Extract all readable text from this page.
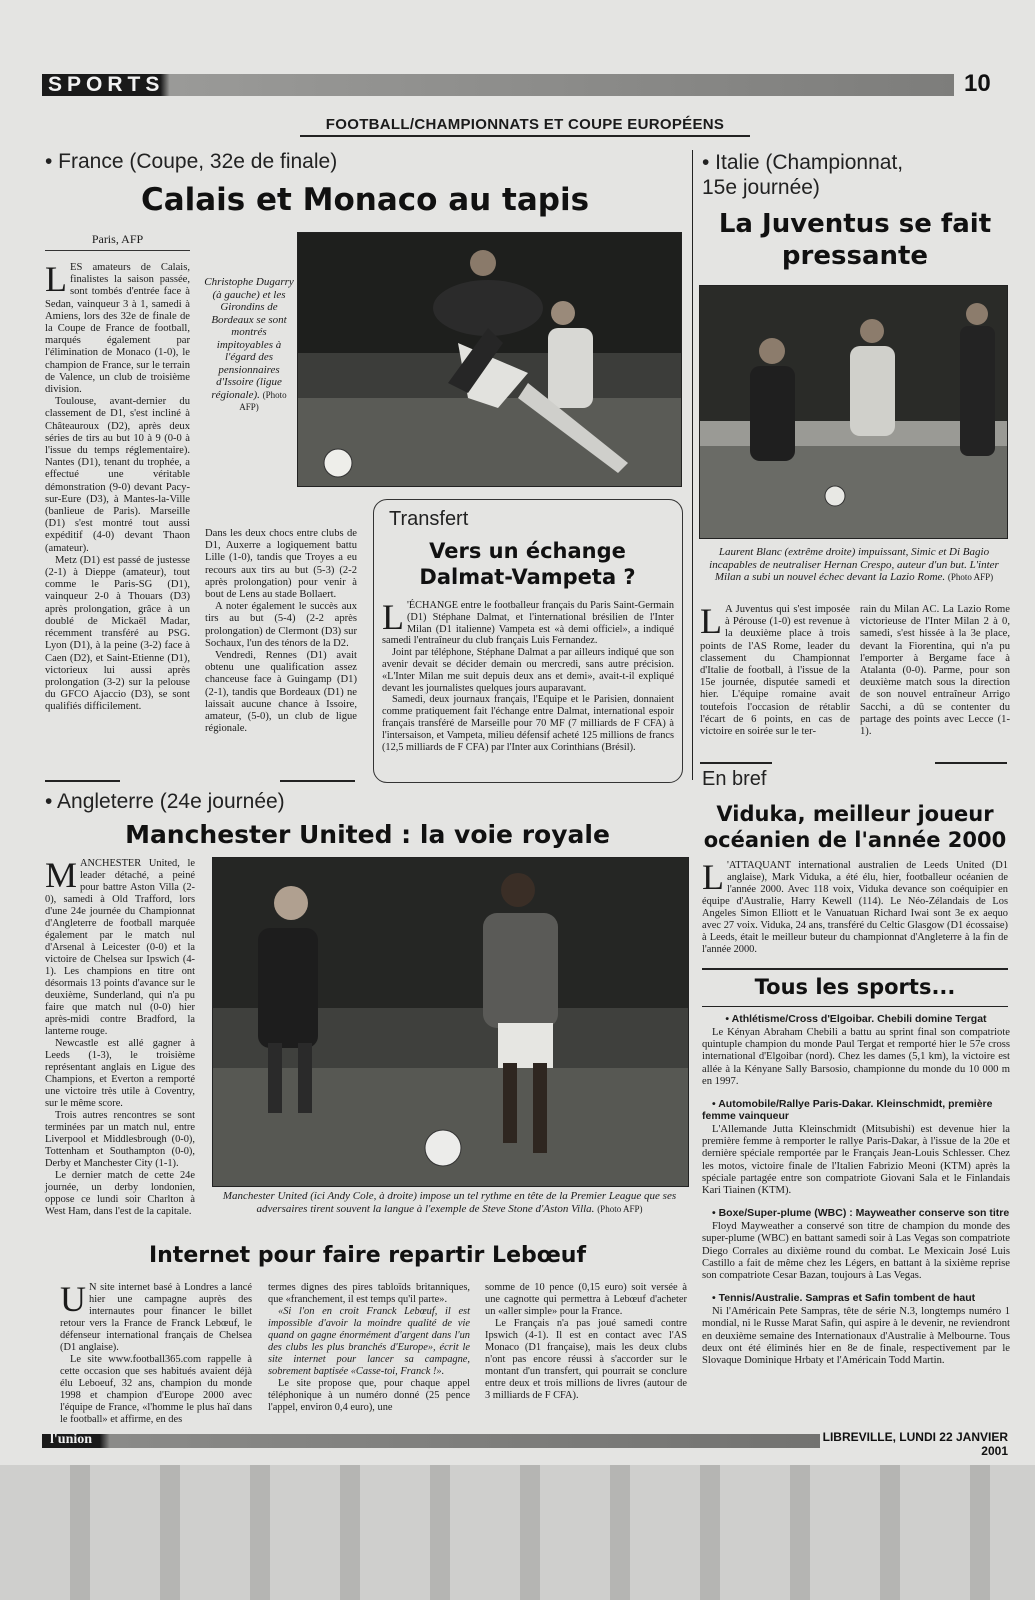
SPORTS	10
FOOTBALL/CHAMPIONNATS ET COUPE EUROPÉENS
• France (Coupe, 32e de finale)
Calais et Monaco au tapis
Paris, AFP
L ES amateurs de Calais, finalistes la saison passée, sont tombés d'entrée face à Sedan, vainqueur 3 à 1, samedi à Amiens, lors des 32e de finale de la Coupe de France de football, marqués également par l'élimination de Monaco (1-0), le champion de France, sur le terrain de Valence, un club de troisième division.

Toulouse, avant-dernier du classement de D1, s'est incliné à Châteauroux (D2), après deux séries de tirs au but 10 à 9 (0-0 à l'issue du temps réglementaire). Nantes (D1), tenant du trophée, a effectué une véritable démonstration (9-0) devant Pacy-sur-Eure (D3), à Mantes-la-Ville (banlieue de Paris). Marseille (D1) s'est montré tout aussi expéditif (4-0) devant Thaon (amateur).

Metz (D1) est passé de justesse (2-1) à Dieppe (amateur), tout comme le Paris-SG (D1), vainqueur 2-0 à Thouars (D3) après prolongation, grâce à un doublé de Mickaël Madar, récemment transféré au PSG. Lyon (D1), à la peine (3-2) face à Caen (D2), et Saint-Etienne (D1), victorieux lui aussi après prolongation (3-2) sur la pelouse du GFCO Ajaccio (D3), se sont qualifiés difficilement.

Christophe Dugarry (à gauche) et les Girondins de Bordeaux se sont montrés impitoyables à l'égard des pensionnaires d'Issoire (ligue régionale). (Photo AFP)

Dans les deux chocs entre clubs de D1, Auxerre a logiquement battu Lille (1-0), tandis que Troyes a eu recours aux tirs au but (5-3) (2-2 après prolongation) pour venir à bout de Lens au stade Bollaert.

A noter également le succès aux tirs au but (5-4) (2-2 après prolongation) de Clermont (D3) sur Sochaux, l'un des ténors de la D2.

Vendredi, Rennes (D1) avait obtenu une qualification assez chanceuse face à Guingamp (D1) (2-1), tandis que Bordeaux (D1) ne laissait aucune chance à Issoire, amateur, (5-0), un club de ligue régionale.

Transfert
Vers un échange Dalmat-Vampeta ?
L 'ÉCHANGE entre le footballeur français du Paris Saint-Germain (D1) Stéphane Dalmat, et l'international brésilien de l'Inter Milan (D1 italienne) Vampeta est «à demi officiel», a indiqué samedi l'entraîneur du club français Luis Fernandez.

Joint par téléphone, Stéphane Dalmat a par ailleurs indiqué que son avenir devait se décider demain ou mercredi, sans autre précision. «L'Inter Milan me suit depuis deux ans et demi», avait-t-il expliqué devant les journalistes quelques jours auparavant.

Samedi, deux journaux français, l'Equipe et le Parisien, donnaient comme pratiquement fait l'échange entre Dalmat, international espoir français transféré de Marseille pour 70 MF (7 milliards de F CFA) à l'intersaison, et Vampeta, milieu défensif acheté 125 millions de francs (12,5 milliards de F CFA) par l'Inter aux Corinthians (Brésil).

• Italie (Championnat, 15e journée)
La Juventus se fait pressante
Laurent Blanc (extrême droite) impuissant, Simic et Di Bagio incapables de neutraliser Hernan Crespo, auteur d'un but. L'inter Milan a subi un nouvel échec devant la Lazio Rome. (Photo AFP)
L A Juventus qui s'est imposée à Pérouse (1-0) est revenue à la deuxième place à trois points de l'AS Rome, leader du classement du Championnat d'Italie de football, à l'issue de la 15e journée, disputée samedi et hier. L'équipe romaine avait toutefois l'occasion de rétablir l'écart de 6 points, en cas de victoire en soirée sur le ter-

rain du Milan AC. La Lazio Rome victorieuse de l'Inter Milan 2 à 0, samedi, s'est hissée à la 3e place, devant la Fiorentina, qui n'a pu l'emporter à Bergame face à Atalanta (0-0). Parme, pour son deuxième match sous la direction de son nouvel entraîneur Arrigo Sacchi, a dû se contenter du partage des points avec Lecce (1-1).

En bref
Viduka, meilleur joueur océanien de l'année 2000
L 'ATTAQUANT international australien de Leeds United (D1 anglaise), Mark Viduka, a été élu, hier, footballeur océanien de l'année 2000. Avec 118 voix, Viduka devance son coéquipier en équipe d'Australie, Harry Kewell (114). Le Néo-Zélandais de Los Angeles Simon Elliott et le Vanuatuan Richard Iwai sont 3e ex aequo avec 27 voix. Viduka, 24 ans, transféré du Celtic Glasgow (D1 écossaise) à Leeds, était le meilleur buteur du championnat d'Angleterre à la fin de l'année 2000.

Tous les sports...
• Athlétisme/Cross d'Elgoibar. Chebili domine Tergat

Le Kényan Abraham Chebili a battu au sprint final son compatriote quintuple champion du monde Paul Tergat et remporté hier le 57e cross international d'Elgoibar (nord). Chez les dames (5,1 km), la victoire est allée à la Kényane Sally Barsosio, championne du monde du 10 000 m en 1997.

• Automobile/Rallye Paris-Dakar. Kleinschmidt, première femme vainqueur

L'Allemande Jutta Kleinschmidt (Mitsubishi) est devenue hier la première femme à remporter le rallye Paris-Dakar, à l'issue de la 20e et dernière spéciale remportée par le Français Jean-Louis Schlesser. Chez les motos, victoire finale de l'Italien Fabrizio Meoni (KTM) après la spéciale partagée entre son compatriote Giovani Sala et le Finlandais Kari Tiainen (KTM).

• Boxe/Super-plume (WBC) : Mayweather conserve son titre

Floyd Mayweather a conservé son titre de champion du monde des super-plume (WBC) en battant samedi soir à Las Vegas son compatriote Diego Corrales au dixième round du combat. Le Mexicain José Luis Castillo a fait de même chez les Légers, en battant à la sixième reprise son compatriote Cesar Bazan, toujours à Las Vegas.

• Tennis/Australie. Sampras et Safin tombent de haut

Ni l'Américain Pete Sampras, tête de série N.3, longtemps numéro 1 mondial, ni le Russe Marat Safin, qui aspire à le devenir, ne reviendront en deuxième semaine des Internationaux d'Australie à Melbourne. Tous deux ont été éliminés hier en 8e de finale, respectivement par le Slovaque Dominique Hrbaty et l'Américain Todd Martin.

• Angleterre (24e journée)
Manchester United : la voie royale
M ANCHESTER United, le leader détaché, a peiné pour battre Aston Villa (2-0), samedi à Old Trafford, lors d'une 24e journée du Championnat d'Angleterre de football marquée également par le match nul d'Arsenal à Leicester (0-0) et la victoire de Chelsea sur Ipswich (4-1). Les champions en titre ont désormais 13 points d'avance sur le deuxième, Sunderland, qui n'a pu faire que match nul (0-0) hier après-midi contre Bradford, la lanterne rouge.

Newcastle est allé gagner à Leeds (1-3), le troisième représentant anglais en Ligue des Champions, et Everton a remporté une victoire très utile à Coventry, sur le même score.

Trois autres rencontres se sont terminées par un match nul, entre Liverpool et Middlesbrough (0-0), Tottenham et Southampton (0-0), Derby et Manchester City (1-1).

Le dernier match de cette 24e journée, un derby londonien, oppose ce lundi soir Charlton à West Ham, dans l'est de la capitale.

Manchester United (ici Andy Cole, à droite) impose un tel rythme en tête de la Premier League que ses adversaires tirent souvent la langue à l'exemple de Steve Stone d'Aston Villa. (Photo AFP)
Internet pour faire repartir Lebœuf
U N site internet basé à Londres a lancé hier une campagne auprès des internautes pour financer le billet retour vers la France de Franck Lebœuf, le défenseur international français de Chelsea (D1 anglaise).

Le site www.football365.com rappelle à cette occasion que ses habitués avaient déjà élu Leboeuf, 32 ans, champion du monde 1998 et champion d'Europe 2000 avec l'équipe de France, «l'homme le plus haï dans le football» et affirme, en des

termes dignes des pires tabloïds britanniques, que «franchement, il est temps qu'il parte».

«Si l'on en croit Franck Lebœuf, il est impossible d'avoir la moindre qualité de vie quand on gagne énormément d'argent dans l'un des clubs les plus branchés d'Europe», écrit le site internet pour lancer sa campagne, sobrement baptisée «Casse-toi, Franck !».

Le site propose que, pour chaque appel téléphonique à un numéro donné (25 pence l'appel, environ 0,4 euro), une

somme de 10 pence (0,15 euro) soit versée à une cagnotte qui permettra à Lebœuf d'acheter un «aller simple» pour la France.

Le Français n'a pas joué samedi contre Ipswich (4-1). Il est en contact avec l'AS Monaco (D1 française), mais les deux clubs n'ont pas encore réussi à s'accorder sur le montant d'un transfert, qui pourrait se conclure entre deux et trois millions de livres (autour de 3 milliards de F CFA).

l'union	LIBREVILLE, LUNDI 22 JANVIER 2001
